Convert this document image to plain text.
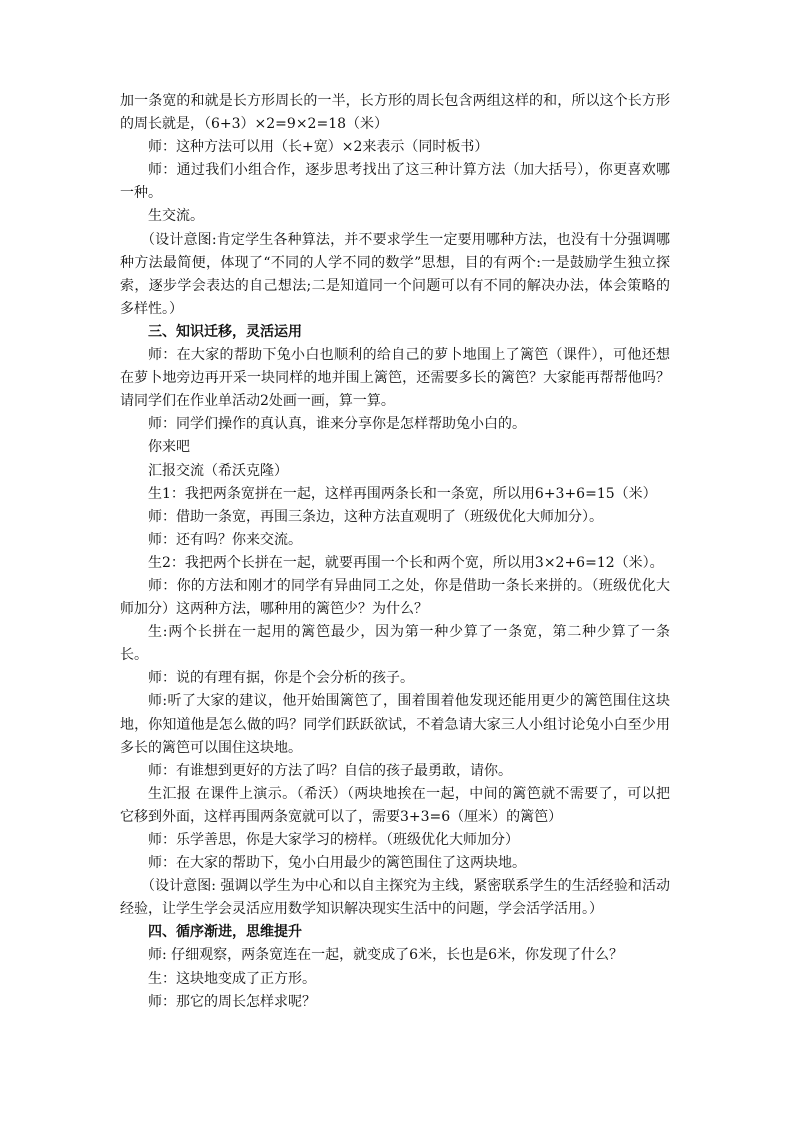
加一条宽的和就是长方形周长的一半，长方形的周长包含两组这样的和，所以这个长方形的周长就是，（6+3）×2=9×2=18（米）

师：这种方法可以用（长+宽）×2来表示（同时板书）

师：通过我们小组合作，逐步思考找出了这三种计算方法（加大括号），你更喜欢哪一种。

生交流。

（设计意图:肯定学生各种算法，并不要求学生一定要用哪种方法，也没有十分强调哪种方法最简便，体现了“不同的人学不同的数学”思想，目的有两个:一是鼓励学生独立探索，逐步学会表达的自己想法;二是知道同一个问题可以有不同的解决办法，体会策略的多样性。）

三、知识迁移，灵活运用

师：在大家的帮助下兔小白也顺利的给自己的萝卜地围上了篱笆（课件），可他还想在萝卜地旁边再开采一块同样的地并围上篱笆，还需要多长的篱笆？大家能再帮帮他吗？请同学们在作业单活动2处画一画，算一算。

师：同学们操作的真认真，谁来分享你是怎样帮助兔小白的。

你来吧

汇报交流（希沃克隆）

生1：我把两条宽拼在一起，这样再围两条长和一条宽，所以用6+3+6=15（米）

师：借助一条宽，再围三条边，这种方法直观明了（班级优化大师加分）。

师：还有吗？你来交流。

生2：我把两个长拼在一起，就要再围一个长和两个宽，所以用3×2+6=12（米）。

师：你的方法和刚才的同学有异曲同工之处，你是借助一条长来拼的。（班级优化大师加分）这两种方法，哪种用的篱笆少？为什么？

生:两个长拼在一起用的篱笆最少，因为第一种少算了一条宽，第二种少算了一条长。

师：说的有理有据，你是个会分析的孩子。

师:听了大家的建议，他开始围篱笆了，围着围着他发现还能用更少的篱笆围住这块地，你知道他是怎么做的吗？同学们跃跃欲试，不着急请大家三人小组讨论兔小白至少用多长的篱笆可以围住这块地。

师：有谁想到更好的方法了吗？自信的孩子最勇敢，请你。

生汇报 在课件上演示。（希沃）（两块地挨在一起，中间的篱笆就不需要了，可以把它移到外面，这样再围两条宽就可以了，需要3+3=6（厘米）的篱笆）

师：乐学善思，你是大家学习的榜样。（班级优化大师加分）

师：在大家的帮助下，兔小白用最少的篱笆围住了这两块地。

（设计意图: 强调以学生为中心和以自主探究为主线，紧密联系学生的生活经验和活动经验，让学生学会灵活应用数学知识解决现实生活中的问题，学会活学活用。）

四、循序渐进，思维提升

师: 仔细观察，两条宽连在一起，就变成了6米，长也是6米，你发现了什么？

生：这块地变成了正方形。

师：那它的周长怎样求呢？
